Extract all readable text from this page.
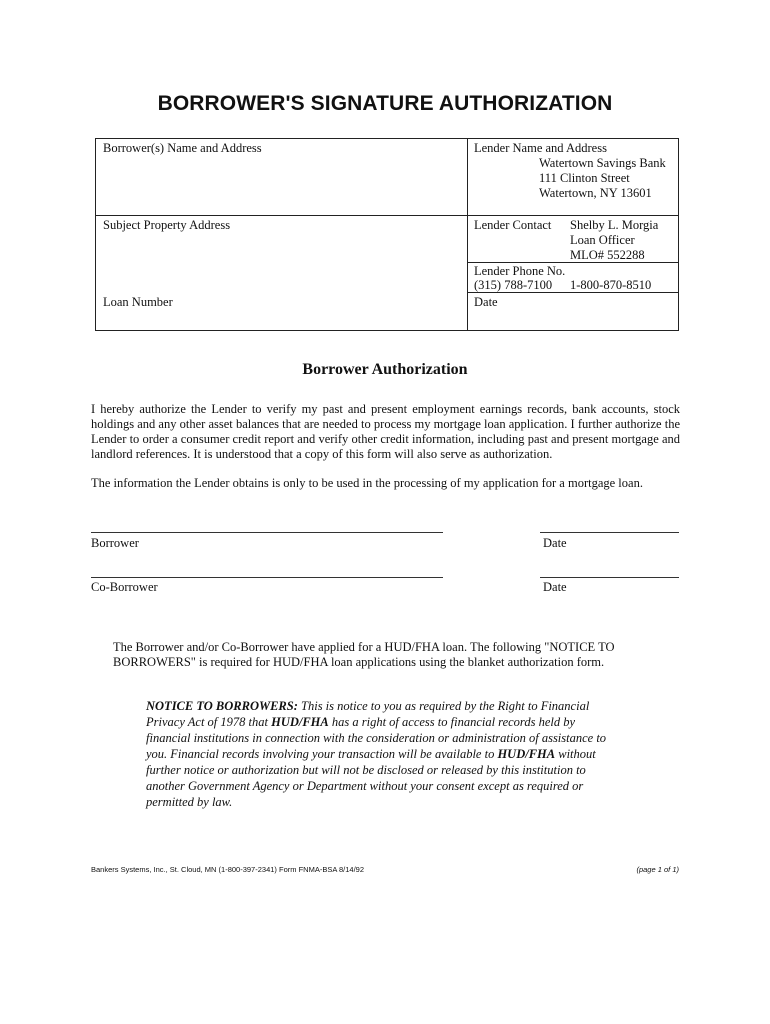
BORROWER'S SIGNATURE AUTHORIZATION
Borrower(s) Name and Address	Lender Name and Address
Watertown Savings Bank
111 Clinton Street
Watertown, NY 13601
Subject Property Address	Lender Contact Shelby L. Morgia
Loan Officer
MLO# 552288
Lender Phone No.
(315) 788-7100 1-800-870-8510
Loan Number	Date
Borrower Authorization
I hereby authorize the Lender to verify my past and present employment earnings records, bank accounts, stock holdings and any other asset balances that are needed to process my mortgage loan application. I further authorize the Lender to order a consumer credit report and verify other credit information, including past and present mortgage and landlord references. It is understood that a copy of this form will also serve as authorization.
The information the Lender obtains is only to be used in the processing of my application for a mortgage loan.
Borrower	Date
Co-Borrower	Date
The Borrower and/or Co-Borrower have applied for a HUD/FHA loan. The following "NOTICE TO BORROWERS" is required for HUD/FHA loan applications using the blanket authorization form.
NOTICE TO BORROWERS: This is notice to you as required by the Right to Financial Privacy Act of 1978 that HUD/FHA has a right of access to financial records held by financial institutions in connection with the consideration or administration of assistance to you. Financial records involving your transaction will be available to HUD/FHA without further notice or authorization but will not be disclosed or released by this institution to another Government Agency or Department without your consent except as required or permitted by law.
Bankers Systems, Inc., St. Cloud, MN (1-800-397-2341) Form FNMA-BSA 8/14/92	(page 1 of 1)
